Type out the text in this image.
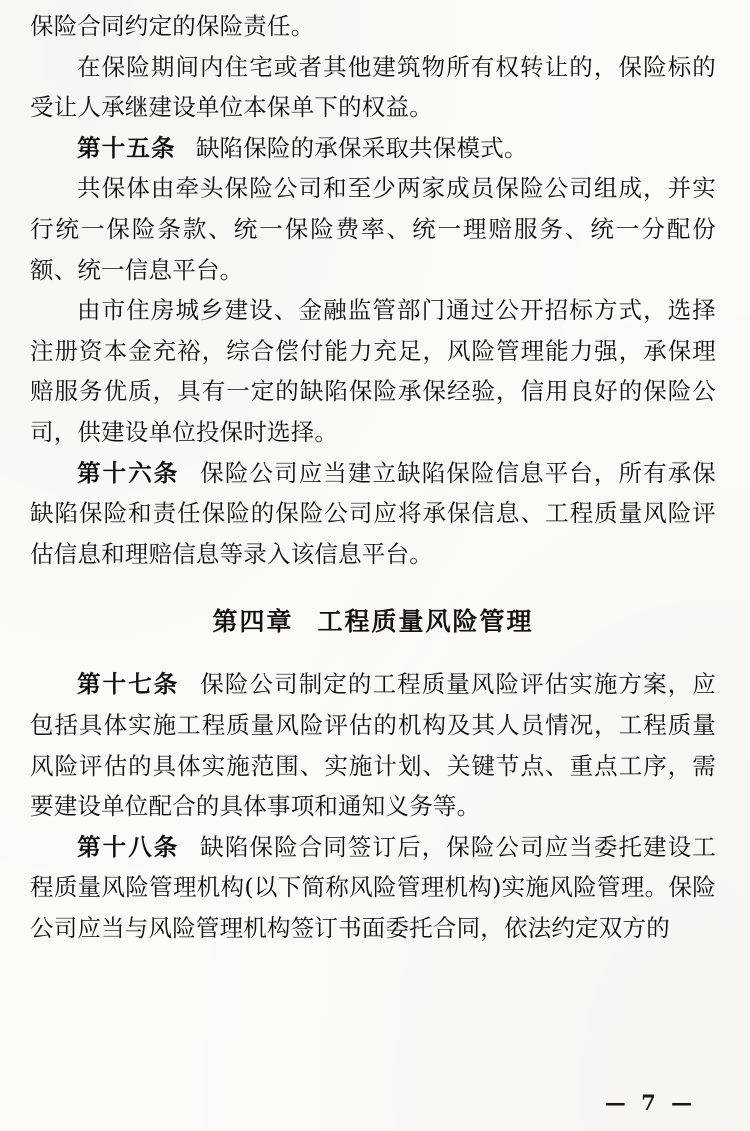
保险合同约定的保险责任。

在保险期间内住宅或者其他建筑物所有权转让的，保险标的受让人承继建设单位本保单下的权益。

第十五条 缺陷保险的承保采取共保模式。

共保体由牵头保险公司和至少两家成员保险公司组成，并实行统一保险条款、统一保险费率、统一理赔服务、统一分配份额、统一信息平台。

由市住房城乡建设、金融监管部门通过公开招标方式，选择注册资本金充裕，综合偿付能力充足，风险管理能力强，承保理赔服务优质，具有一定的缺陷保险承保经验，信用良好的保险公司，供建设单位投保时选择。

第十六条 保险公司应当建立缺陷保险信息平台，所有承保缺陷保险和责任保险的保险公司应将承保信息、工程质量风险评估信息和理赔信息等录入该信息平台。

第四章 工程质量风险管理

第十七条 保险公司制定的工程质量风险评估实施方案，应包括具体实施工程质量风险评估的机构及其人员情况，工程质量风险评估的具体实施范围、实施计划、关键节点、重点工序，需要建设单位配合的具体事项和通知义务等。

第十八条 缺陷保险合同签订后，保险公司应当委托建设工程质量风险管理机构(以下简称风险管理机构)实施风险管理。保险公司应当与风险管理机构签订书面委托合同，依法约定双方的

— 7 —
